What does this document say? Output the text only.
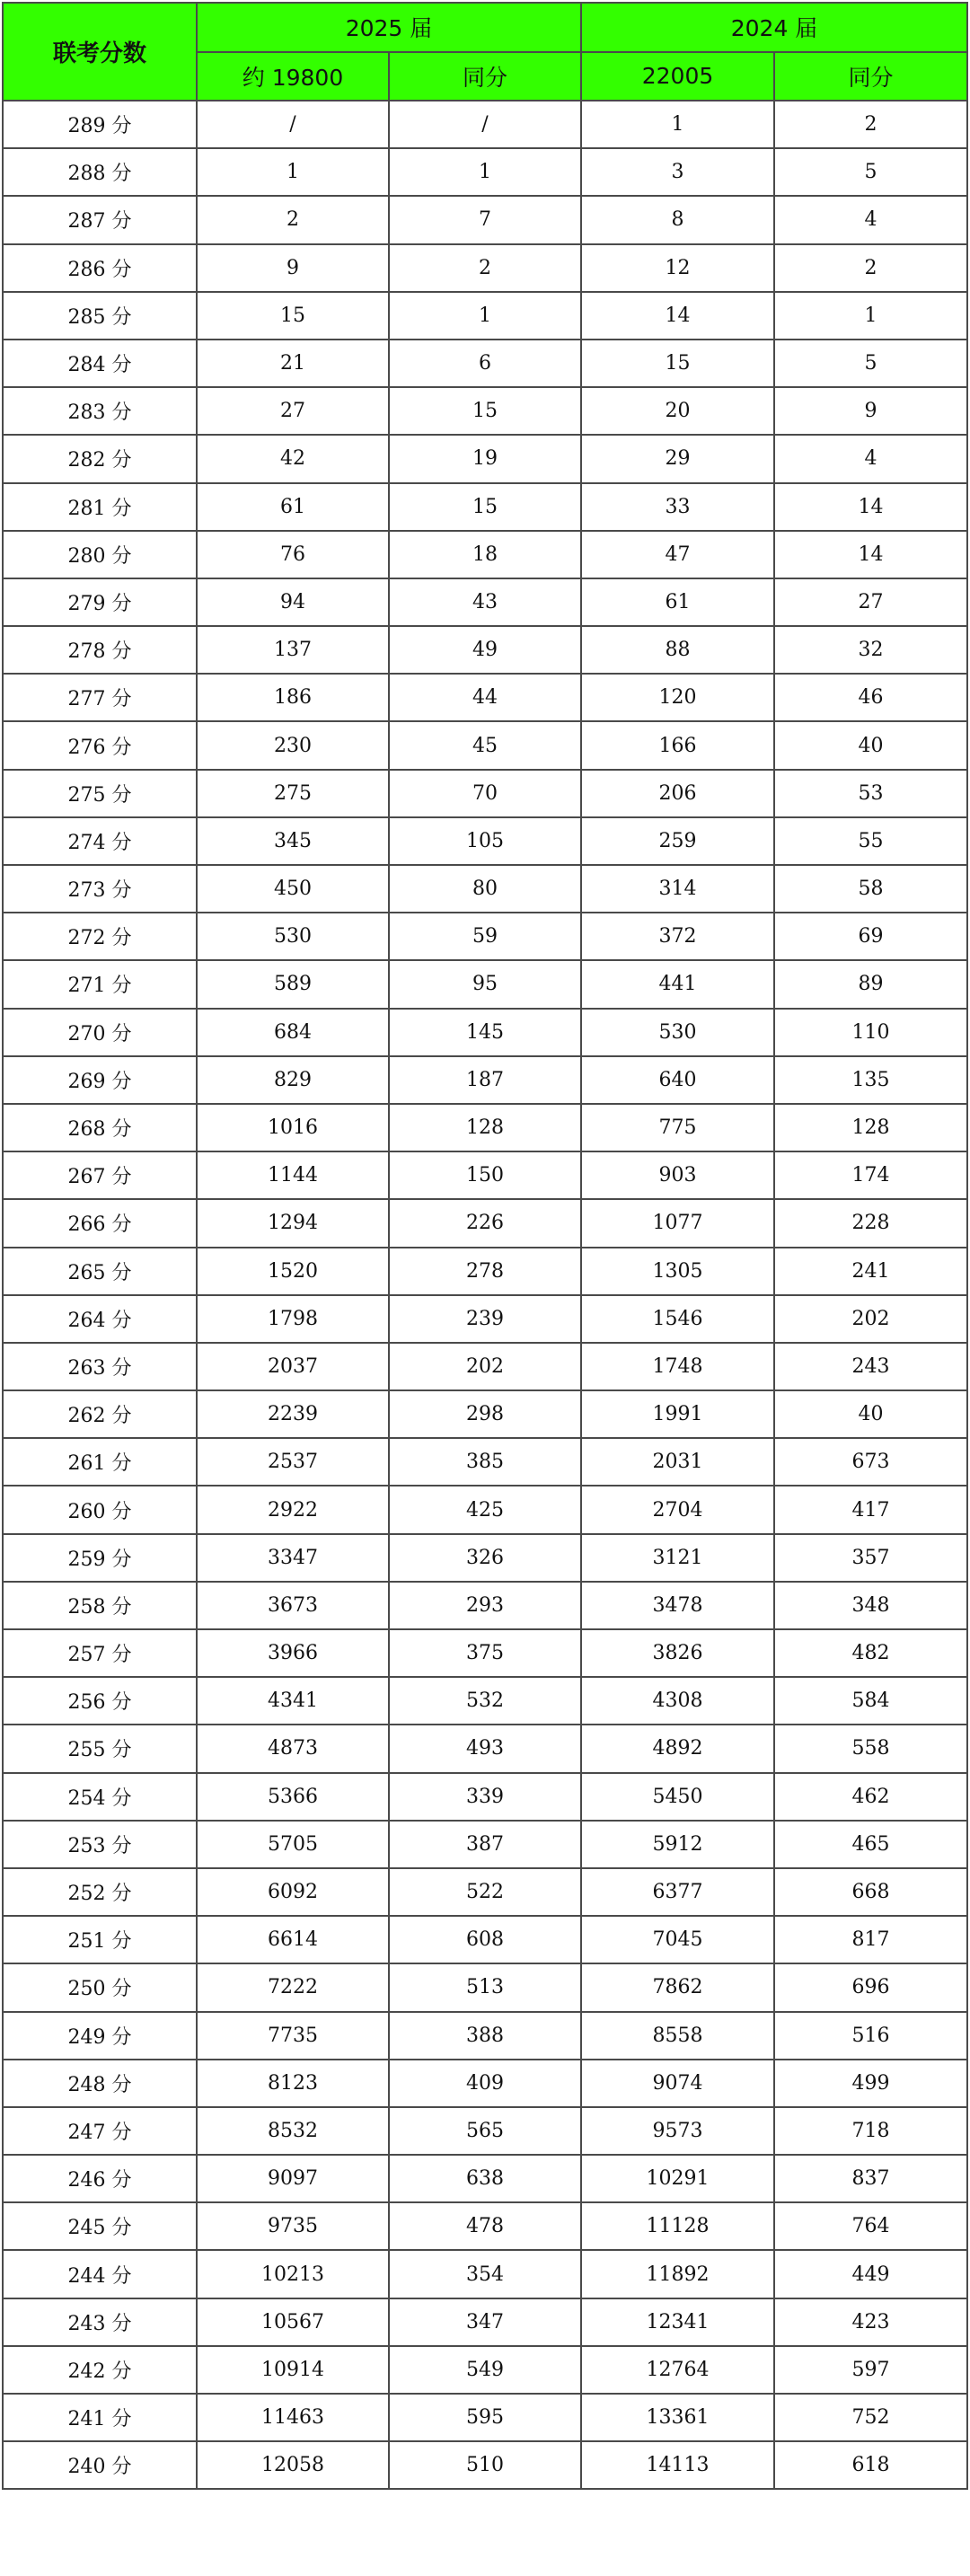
联考分数	2025 届		2024 届	
	约 19800	同分	22005	同分
289 分	/	/	1	2
288 分	1	1	3	5
287 分	2	7	8	4
286 分	9	2	12	2
285 分	15	1	14	1
284 分	21	6	15	5
283 分	27	15	20	9
282 分	42	19	29	4
281 分	61	15	33	14
280 分	76	18	47	14
279 分	94	43	61	27
278 分	137	49	88	32
277 分	186	44	120	46
276 分	230	45	166	40
275 分	275	70	206	53
274 分	345	105	259	55
273 分	450	80	314	58
272 分	530	59	372	69
271 分	589	95	441	89
270 分	684	145	530	110
269 分	829	187	640	135
268 分	1016	128	775	128
267 分	1144	150	903	174
266 分	1294	226	1077	228
265 分	1520	278	1305	241
264 分	1798	239	1546	202
263 分	2037	202	1748	243
262 分	2239	298	1991	40
261 分	2537	385	2031	673
260 分	2922	425	2704	417
259 分	3347	326	3121	357
258 分	3673	293	3478	348
257 分	3966	375	3826	482
256 分	4341	532	4308	584
255 分	4873	493	4892	558
254 分	5366	339	5450	462
253 分	5705	387	5912	465
252 分	6092	522	6377	668
251 分	6614	608	7045	817
250 分	7222	513	7862	696
249 分	7735	388	8558	516
248 分	8123	409	9074	499
247 分	8532	565	9573	718
246 分	9097	638	10291	837
245 分	9735	478	11128	764
244 分	10213	354	11892	449
243 分	10567	347	12341	423
242 分	10914	549	12764	597
241 分	11463	595	13361	752
240 分	12058	510	14113	618
